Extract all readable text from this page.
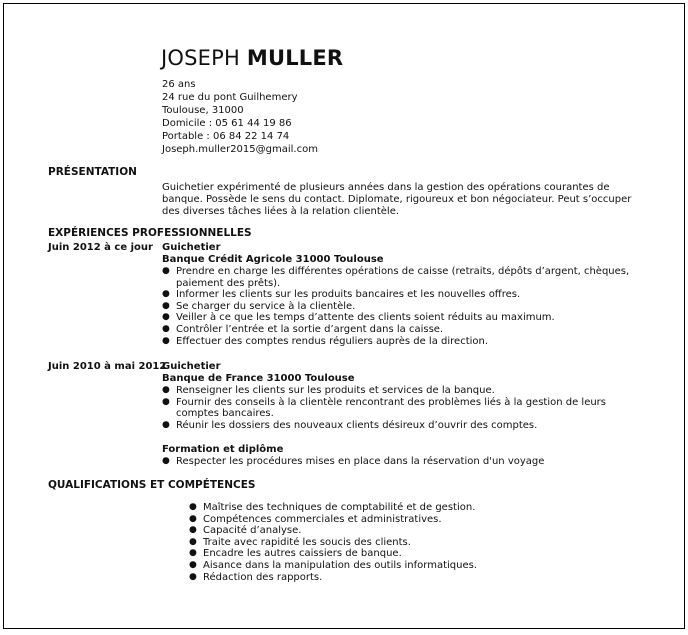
JOSEPH MULLER
26 ans
24 rue du pont Guilhemery
Toulouse, 31000
Domicile : 05 61 44 19 86
Portable : 06 84 22 14 74
Joseph.muller2015@gmail.com
PRÉSENTATION
Guichetier expérimenté de plusieurs années dans la gestion des opérations courantes de banque. Possède le sens du contact. Diplomate, rigoureux et bon négociateur. Peut s’occuper des diverses tâches liées à la relation clientèle.
EXPÉRIENCES PROFESSIONNELLES
Juin 2012 à ce jour Guichetier
Banque Crédit Agricole 31000 Toulouse
● Prendre en charge les différentes opérations de caisse (retraits, dépôts d’argent, chèques, paiement des prêts).
● Informer les clients sur les produits bancaires et les nouvelles offres.
● Se charger du service à la clientèle.
● Veiller à ce que les temps d’attente des clients soient réduits au maximum.
● Contrôler l’entrée et la sortie d’argent dans la caisse.
● Effectuer des comptes rendus réguliers auprès de la direction.
Juin 2010 à mai 2012
Guichetier
Banque de France 31000 Toulouse
● Renseigner les clients sur les produits et services de la banque.
● Fournir des conseils à la clientèle rencontrant des problèmes liés à la gestion de leurs comptes bancaires.
● Réunir les dossiers des nouveaux clients désireux d’ouvrir des comptes.
Formation et diplôme
● Respecter les procédures mises en place dans la réservation d'un voyage
QUALIFICATIONS ET COMPÉTENCES
● Maîtrise des techniques de comptabilité et de gestion.
● Compétences commerciales et administratives.
● Capacité d’analyse.
● Traite avec rapidité les soucis des clients.
● Encadre les autres caissiers de banque.
● Aisance dans la manipulation des outils informatiques.
● Rédaction des rapports.
